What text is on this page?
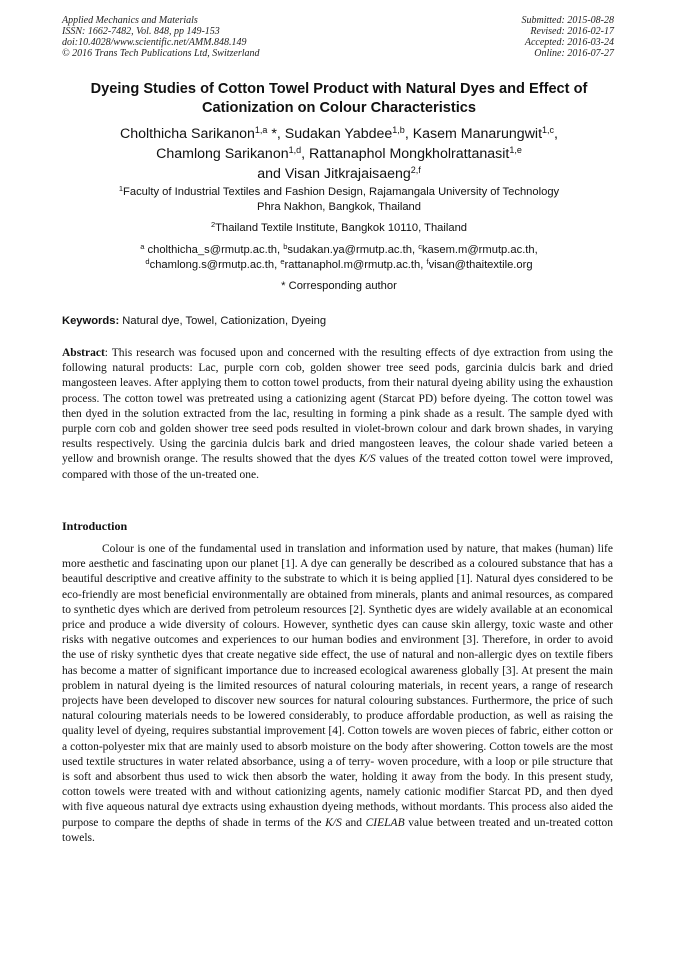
Applied Mechanics and Materials
ISSN: 1662-7482, Vol. 848, pp 149-153
doi:10.4028/www.scientific.net/AMM.848.149
© 2016 Trans Tech Publications Ltd, Switzerland
Submitted: 2015-08-28
Revised: 2016-02-17
Accepted: 2016-03-24
Online: 2016-07-27
Dyeing Studies of Cotton Towel Product with Natural Dyes and Effect of
Cationization on Colour Characteristics
Cholthicha Sarikanon$^{1,a}$ *, Sudakan Yabdee$^{1,b}$, Kasem Manarungwit$^{1,c}$,
Chamlong Sarikanon$^{1,d}$, Rattanaphol Mongkholrattanasit$^{1,e}$
and Visan Jitkrajaisaeng$^{2,f}$
$^1$Faculty of Industrial Textiles and Fashion Design, Rajamangala University of Technology
Phra Nakhon, Bangkok, Thailand
$^2$Thailand Textile Institute, Bangkok 10110, Thailand
$^a$ cholthicha_s@rmutp.ac.th, $^b$sudakan.ya@rmutp.ac.th, $^c$kasem.m@rmutp.ac.th,
$^d$chamlong.s@rmutp.ac.th, $^e$rattanaphol.m@rmutp.ac.th, $^f$visan@thaitextile.org
* Corresponding author
Keywords: Natural dye, Towel, Cationization, Dyeing
Abstract: This research was focused upon and concerned with the resulting effects of dye extraction from using the following natural products: Lac, purple corn cob, golden shower tree seed pods, garcinia dulcis bark and dried mangosteen leaves. After applying them to cotton towel products, from their natural dyeing ability using the exhaustion process. The cotton towel was pretreated using a cationizing agent (Starcat PD) before dyeing. The cotton towel was then dyed in the solution extracted from the lac, resulting in forming a pink shade as a result. The sample dyed with purple corn cob and golden shower tree seed pods resulted in violet-brown colour and dark brown shades, in varying results respectively. Using the garcinia dulcis bark and dried mangosteen leaves, the colour shade varied beteen a yellow and brownish orange. The results showed that the dyes K/S values of the treated cotton towel were improved, compared with those of the un-treated one.
Introduction
Colour is one of the fundamental used in translation and information used by nature, that makes (human) life more aesthetic and fascinating upon our planet [1]. A dye can generally be described as a coloured substance that has a beautiful descriptive and creative affinity to the substrate to which it is being applied [1]. Natural dyes considered to be eco-friendly are most beneficial environmentally are obtained from minerals, plants and animal resources, as compared to synthetic dyes which are derived from petroleum resources [2]. Synthetic dyes are widely available at an economical price and produce a wide diversity of colours. However, synthetic dyes can cause skin allergy, toxic waste and other risks with negative outcomes and experiences to our human bodies and environment [3]. Therefore, in order to avoid the use of risky synthetic dyes that create negative side effect, the use of natural and non-allergic dyes on textile fibers has become a matter of significant importance due to increased ecological awareness globally [3]. At present the main problem in natural dyeing is the limited resources of natural colouring materials, in recent years, a range of research projects have been developed to discover new sources for natural colouring substances. Furthermore, the price of such natural colouring materials needs to be lowered considerably, to produce affordable production, as well as raising the quality level of dyeing, requires substantial improvement [4]. Cotton towels are woven pieces of fabric, either cotton or a cotton-polyester mix that are mainly used to absorb moisture on the body after showering. Cotton towels are the most used textile structures in water related absorbance, using a of terry- woven procedure, with a loop or pile structure that is soft and absorbent thus used to wick then absorb the water, holding it away from the body. In this present study, cotton towels were treated with and without cationizing agents, namely cationic modifier Starcat PD, and then dyed with five aqueous natural dye extracts using exhaustion dyeing methods, without mordants. This process also aided the purpose to compare the depths of shade in terms of the K/S and CIELAB value between treated and un-treated cotton towels.
